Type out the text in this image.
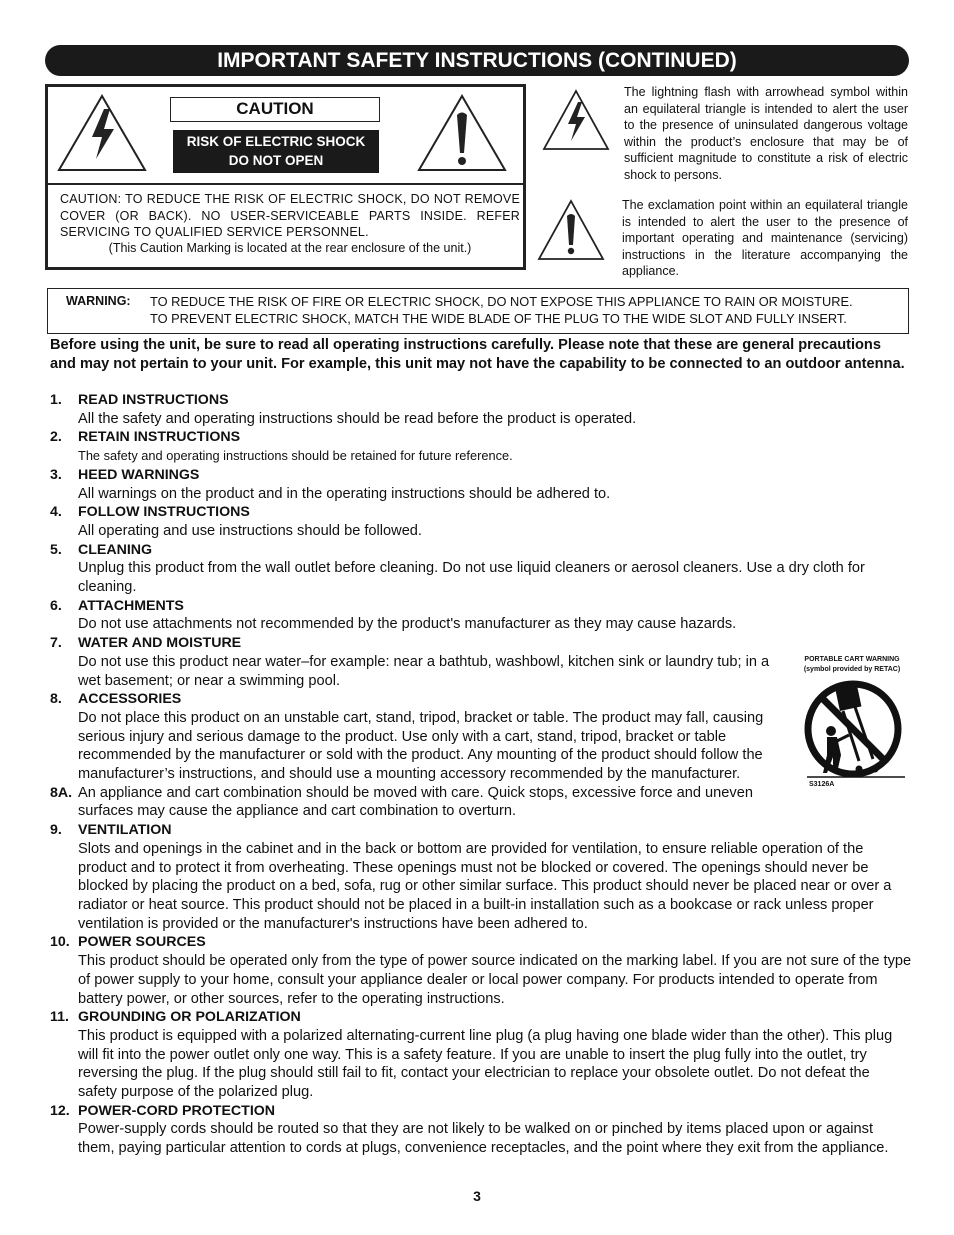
IMPORTANT SAFETY INSTRUCTIONS (CONTINUED)
CAUTION
RISK OF ELECTRIC SHOCK
DO NOT OPEN
CAUTION: TO REDUCE THE RISK OF ELECTRIC SHOCK, DO NOT REMOVE COVER (OR BACK). NO USER-SERVICEABLE PARTS INSIDE. REFER SERVICING TO QUALIFIED SERVICE PERSONNEL.
(This Caution Marking is located at the rear enclosure of the unit.)
The lightning flash with arrowhead symbol within an equilateral triangle is intended to alert the user to the presence of uninsulated dangerous voltage within the product’s enclosure that may be of sufficient magnitude to constitute a risk of electric shock to persons.
The exclamation point within an equilateral triangle is intended to alert the user to the presence of important operating and maintenance (servicing) instructions in the literature accompanying the appliance.
WARNING: TO REDUCE THE RISK OF FIRE OR ELECTRIC SHOCK, DO NOT EXPOSE THIS APPLIANCE TO RAIN OR MOISTURE.
TO PREVENT ELECTRIC SHOCK, MATCH THE WIDE BLADE OF THE PLUG TO THE WIDE SLOT AND FULLY INSERT.
Before using the unit, be sure to read all operating instructions carefully. Please note that these are general precautions and may not pertain to your unit. For example, this unit may not have the capability to be connected to an outdoor antenna.
1. READ INSTRUCTIONS
All the safety and operating instructions should be read before the product is operated.
2. RETAIN INSTRUCTIONS
The safety and operating instructions should be retained for future reference.
3. HEED WARNINGS
All warnings on the product and in the operating instructions should be adhered to.
4. FOLLOW INSTRUCTIONS
All operating and use instructions should be followed.
5. CLEANING
Unplug this product from the wall outlet before cleaning. Do not use liquid cleaners or aerosol cleaners. Use a dry cloth for cleaning.
6. ATTACHMENTS
Do not use attachments not recommended by the product's manufacturer as they may cause hazards.
7. WATER AND MOISTURE
Do not use this product near water–for example: near a bathtub, washbowl, kitchen sink or laundry tub; in a wet basement; or near a swimming pool.
8. ACCESSORIES
Do not place this product on an unstable cart, stand, tripod, bracket or table. The product may fall, causing serious injury and serious damage to the product. Use only with a cart, stand, tripod, bracket or table recommended by the manufacturer or sold with the product. Any mounting of the product should follow the manufacturer’s instructions, and should use a mounting accessory recommended by the manufacturer.
8A. An appliance and cart combination should be moved with care. Quick stops, excessive force and uneven surfaces may cause the appliance and cart combination to overturn.
9. VENTILATION
Slots and openings in the cabinet and in the back or bottom are provided for ventilation, to ensure reliable operation of the product and to protect it from overheating. These openings must not be blocked or covered. The openings should never be blocked by placing the product on a bed, sofa, rug or other similar surface. This product should never be placed near or over a radiator or heat source. This product should not be placed in a built-in installation such as a bookcase or rack unless proper ventilation is provided or the manufacturer's instructions have been adhered to.
10. POWER SOURCES
This product should be operated only from the type of power source indicated on the marking label. If you are not sure of the type of power supply to your home, consult your appliance dealer or local power company. For products intended to operate from battery power, or other sources, refer to the operating instructions.
11. GROUNDING OR POLARIZATION
This product is equipped with a polarized alternating-current line plug (a plug having one blade wider than the other). This plug will fit into the power outlet only one way. This is a safety feature. If you are unable to insert the plug fully into the outlet, try reversing the plug. If the plug should still fail to fit, contact your electrician to replace your obsolete outlet. Do not defeat the safety purpose of the polarized plug.
12. POWER-CORD PROTECTION
Power-supply cords should be routed so that they are not likely to be walked on or pinched by items placed upon or against them, paying particular attention to cords at plugs, convenience receptacles, and the point where they exit from the appliance.
PORTABLE CART WARNING
(symbol provided by RETAC)
S3126A
3
